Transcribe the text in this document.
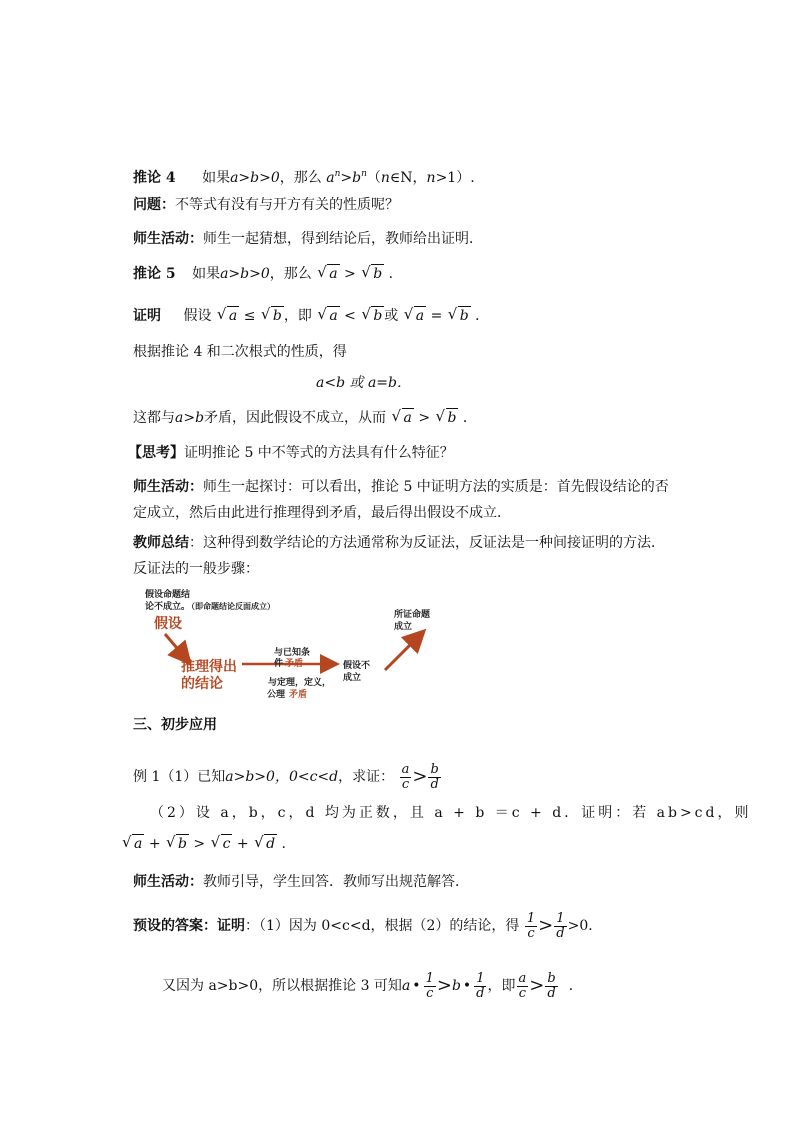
推论 4 如果a>b>0，那么 $a^n>b^n(n\in N$，n>1）.
问题：不等式有没有与开方有关的性质呢？
师生活动：师生一起猜想，得到结论后，教师给出证明．
推论 5 如果a>b>0，那么 √ a > √ b ．
证明 假设 √ a ≤ √ b ，即 √ a < √ b 或 √ a = √ b ．
根据推论 4 和二次根式的性质，得
a<b 或 a=b．
这都与a>b矛盾，因此假设不成立，从而 √ a > √ b ．
【思考】证明推论 5 中不等式的方法具有什么特征？
师生活动：师生一起探讨：可以看出，推论 5 中证明方法的实质是：首先假设结论的否定成立，然后由此进行推理得到矛盾，最后得出假设不成立．
教师总结：这种得到数学结论的方法通常称为反证法，反证法是一种间接证明的方法．反证法的一般步骤：
假设命题结
论不成立。
（即命题结论反面成立）
假设
推理得出
的结论
与已知条
件 矛盾
与定理，定义，
公理 矛盾
假设不
成立
所证命题
成立
三、初步应用
例 1（1）已知a>b>0，0<c<d，求证： $\frac{a}{c} > \frac{b}{d}$
（2）设 a，b，c，d 均为正数，且 a + b ＝c + d．证明：若 ab>cd，则
√ a + √ b > √ c + √ d .
师生活动：教师引导，学生回答．教师写出规范解答．
预设的答案：证明：（1）因为 0<c<d，根据（2）的结论，得 $\frac{1}{c} > \frac{1}{d} >0$．
又因为 a>b>0，所以根据推论 3 可知a • $\frac{1}{c} >b$ • $\frac{1}{d}$ ，即 $\frac{a}{c} > \frac{b}{d}$ ．
